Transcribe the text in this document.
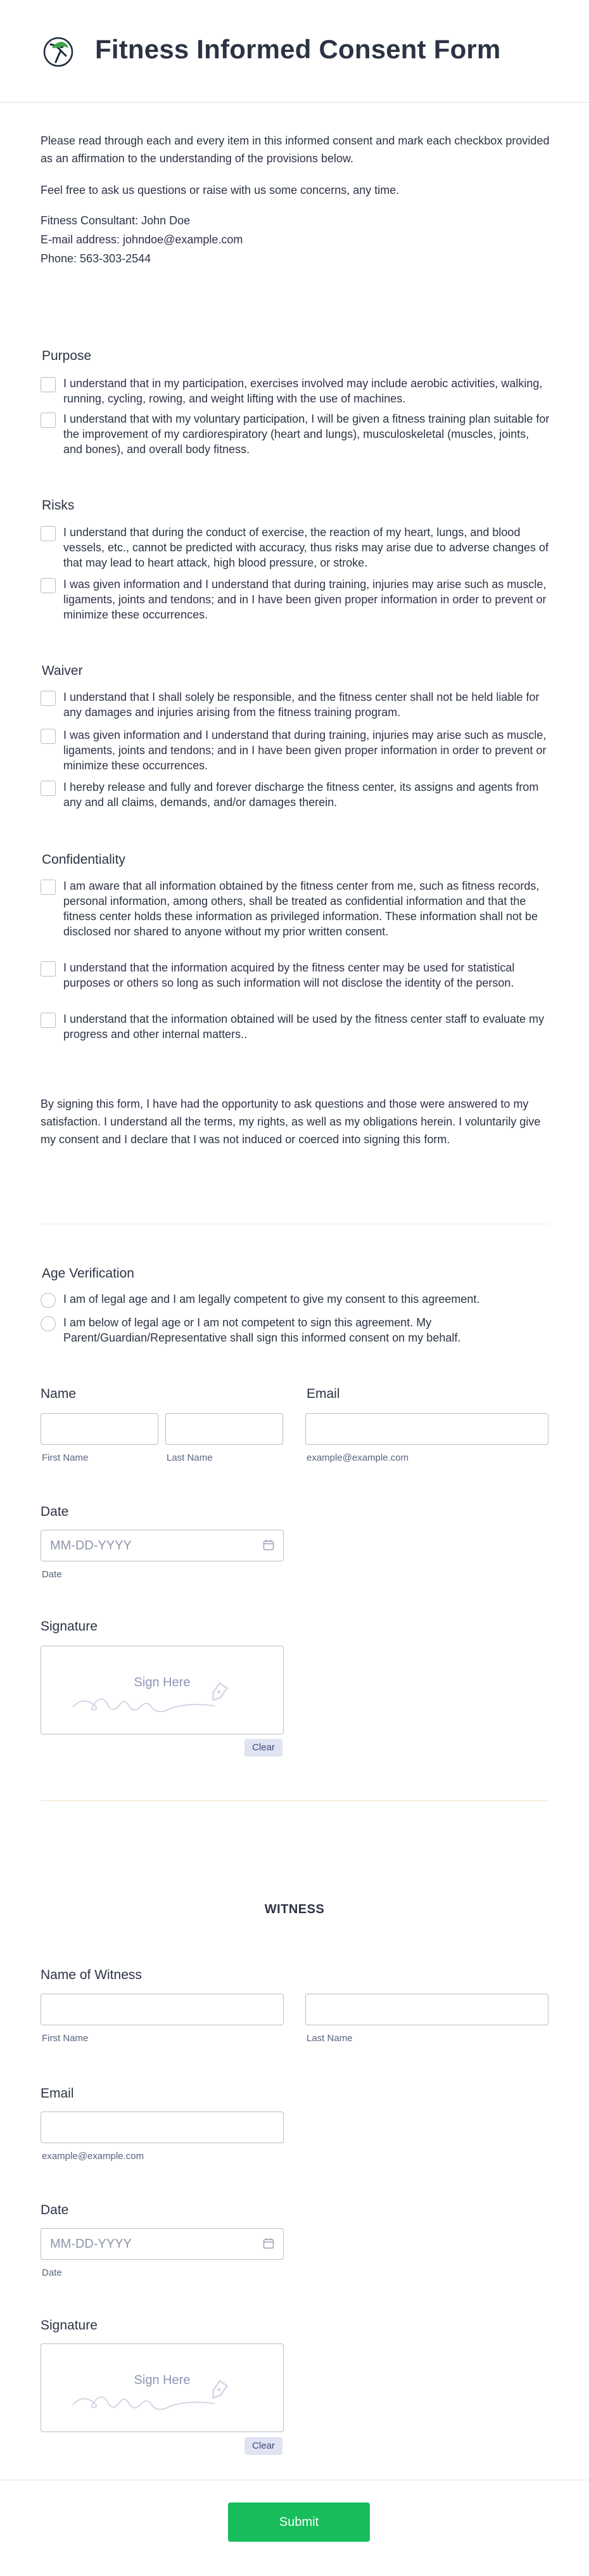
Fitness Informed Consent Form
Please read through each and every item in this informed consent and mark each checkbox provided as an affirmation to the understanding of the provisions below.
Feel free to ask us questions or raise with us some concerns, any time.
Fitness Consultant: John Doe
E-mail address: johndoe@example.com
Phone: 563-303-2544
Purpose
I understand that in my participation, exercises involved may include aerobic activities, walking, running, cycling, rowing, and weight lifting with the use of machines.
I understand that with my voluntary participation, I will be given a fitness training plan suitable for the improvement of my cardiorespiratory (heart and lungs), musculoskeletal (muscles, joints, and bones), and overall body fitness.
Risks
I understand that during the conduct of exercise, the reaction of my heart, lungs, and blood vessels, etc., cannot be predicted with accuracy, thus risks may arise due to adverse changes of that may lead to heart attack, high blood pressure, or stroke.
I was given information and I understand that during training, injuries may arise such as muscle, ligaments, joints and tendons; and in I have been given proper information in order to prevent or minimize these occurrences.
Waiver
I understand that I shall solely be responsible, and the fitness center shall not be held liable for any damages and injuries arising from the fitness training program.
I was given information and I understand that during training, injuries may arise such as muscle, ligaments, joints and tendons; and in I have been given proper information in order to prevent or minimize these occurrences.
I hereby release and fully and forever discharge the fitness center, its assigns and agents from any and all claims, demands, and/or damages therein.
Confidentiality
I am aware that all information obtained by the fitness center from me, such as fitness records, personal information, among others, shall be treated as confidential information and that the fitness center holds these information as privileged information. These information shall not be disclosed nor shared to anyone without my prior written consent.
I understand that the information acquired by the fitness center may be used for statistical purposes or others so long as such information will not disclose the identity of the person.
I understand that the information obtained will be used by the fitness center staff to evaluate my progress and other internal matters..
By signing this form, I have had the opportunity to ask questions and those were answered to my satisfaction. I understand all the terms, my rights, as well as my obligations herein. I voluntarily give my consent and I declare that I was not induced or coerced into signing this form.
Age Verification
I am of legal age and I am legally competent to give my consent to this agreement.
I am below of legal age or I am not competent to sign this agreement. My Parent/Guardian/Representative shall sign this informed consent on my behalf.
Name
First Name	Last Name
Email
example@example.com
Date
MM-DD-YYYY
Date
Signature
Sign Here
Clear
WITNESS
Name of Witness
First Name	Last Name
Email
example@example.com
Date
MM-DD-YYYY
Date
Signature
Sign Here
Clear
Submit
